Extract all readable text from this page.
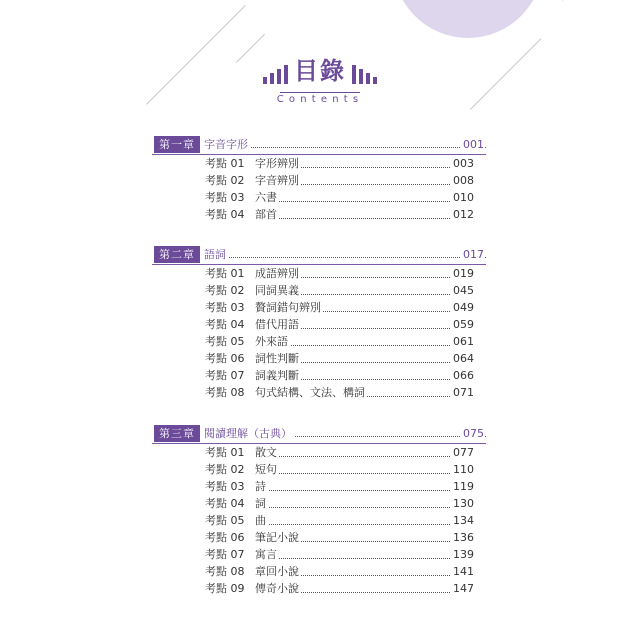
目錄
Contents
第一章 字音字形	001
考點 01 字形辨別	003
考點 02 字音辨別	008
考點 03 六書	010
考點 04 部首	012
第二章 語詞	017
考點 01 成語辨別	019
考點 02 同詞異義	045
考點 03 贅詞錯句辨別	049
考點 04 借代用語	059
考點 05 外來語	061
考點 06 詞性判斷	064
考點 07 詞義判斷	066
考點 08 句式結構、文法、構詞	071
第三章 閱讀理解（古典）	075
考點 01 散文	077
考點 02 短句	110
考點 03 詩	119
考點 04 詞	130
考點 05 曲	134
考點 06 筆記小說	136
考點 07 寓言	139
考點 08 章回小說	141
考點 09 傳奇小說	147
